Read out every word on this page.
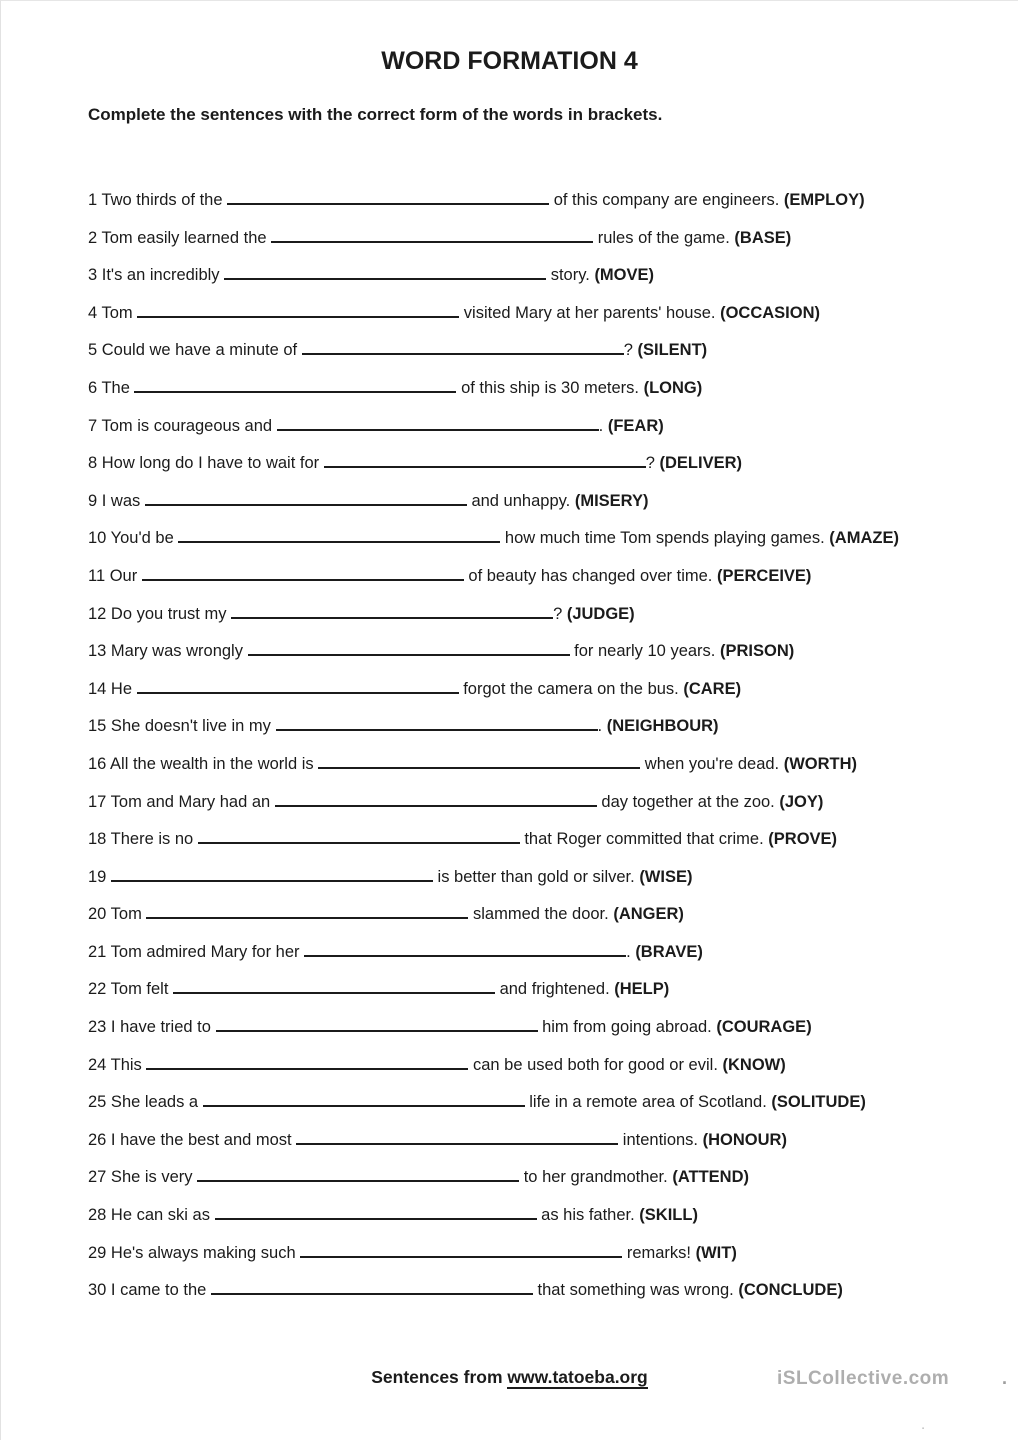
WORD FORMATION 4
Complete the sentences with the correct form of the words in brackets.
1 Two thirds of the	of this company are engineers. (EMPLOY)
2 Tom easily learned the	rules of the game. (BASE)
3 It's an incredibly	story. (MOVE)
4 Tom	visited Mary at her parents' house. (OCCASION)
5 Could we have a minute of	? (SILENT)
6 The	of this ship is 30 meters. (LONG)
7 Tom is courageous and	. (FEAR)
8 How long do I have to wait for	? (DELIVER)
9 I was	and unhappy. (MISERY)
10 You'd be	how much time Tom spends playing games. (AMAZE)
11 Our	of beauty has changed over time. (PERCEIVE)
12 Do you trust my	? (JUDGE)
13 Mary was wrongly	for nearly 10 years. (PRISON)
14 He	forgot the camera on the bus. (CARE)
15 She doesn't live in my	. (NEIGHBOUR)
16 All the wealth in the world is	when you're dead. (WORTH)
17 Tom and Mary had an	day together at the zoo. (JOY)
18 There is no	that Roger committed that crime. (PROVE)
19	is better than gold or silver. (WISE)
20 Tom	slammed the door. (ANGER)
21 Tom admired Mary for her	. (BRAVE)
22 Tom felt	and frightened. (HELP)
23 I have tried to	him from going abroad. (COURAGE)
24 This	can be used both for good or evil. (KNOW)
25 She leads a	life in a remote area of Scotland. (SOLITUDE)
26 I have the best and most	intentions. (HONOUR)
27 She is very	to her grandmother. (ATTEND)
28 He can ski as	as his father. (SKILL)
29 He's always making such	remarks! (WIT)
30 I came to the	that something was wrong. (CONCLUDE)
Sentences from www.tatoeba.org	iSLCollective.com	.
.
